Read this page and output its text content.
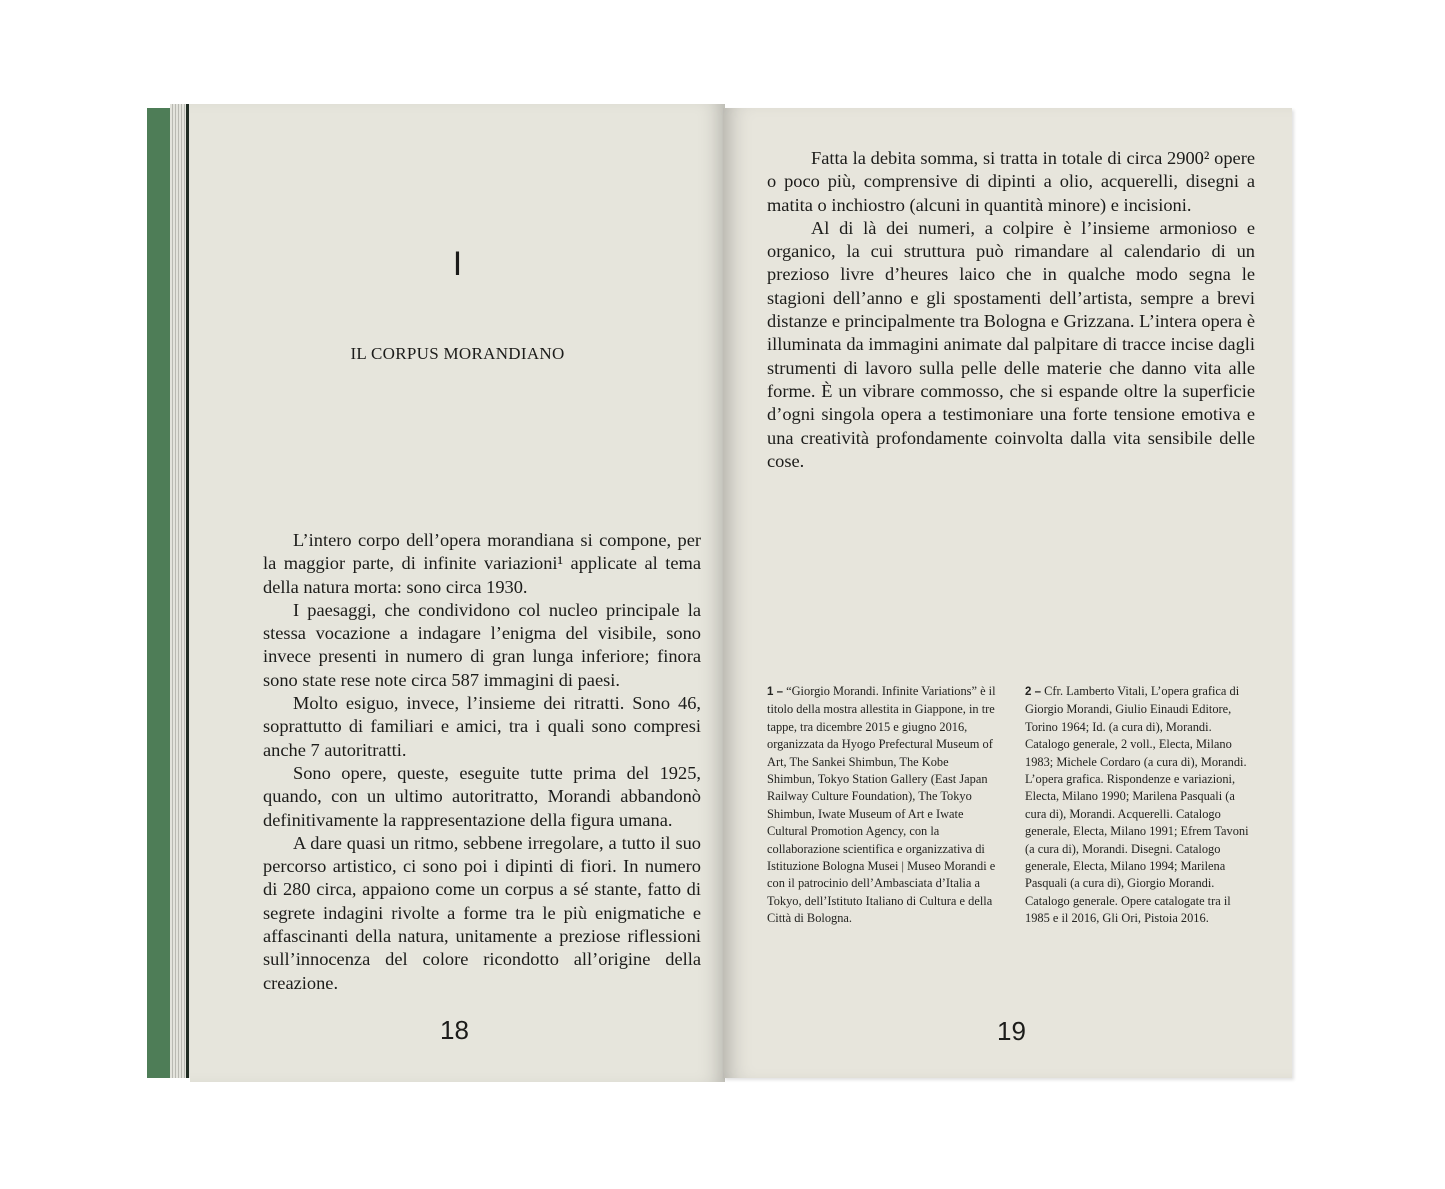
I
IL CORPUS MORANDIANO

L’intero corpo dell’opera morandiana si compone, per la maggior parte, di infinite variazioni¹ applicate al tema della natura morta: sono circa 1930.

I paesaggi, che condividono col nucleo principale la stessa vocazione a indagare l’enigma del visibile, sono invece presenti in numero di gran lunga inferiore; finora sono state rese note circa 587 immagini di paesi.

Molto esiguo, invece, l’insieme dei ritratti. Sono 46, soprattutto di familiari e amici, tra i quali sono compresi anche 7 autoritratti.

Sono opere, queste, eseguite tutte prima del 1925, quando, con un ultimo autoritratto, Morandi abbandonò definitivamente la rappresentazione della figura umana.

A dare quasi un ritmo, sebbene irregolare, a tutto il suo percorso artistico, ci sono poi i dipinti di fiori. In numero di 280 circa, appaiono come un corpus a sé stante, fatto di segrete indagini rivolte a forme tra le più enigmatiche e affascinanti della natura, unitamente a preziose riflessioni sull’innocenza del colore ricondotto all’origine della creazione.

18

Fatta la debita somma, si tratta in totale di circa 2900² opere o poco più, comprensive di dipinti a olio, acquerelli, disegni a matita o inchiostro (alcuni in quantità minore) e incisioni.

Al di là dei numeri, a colpire è l’insieme armonioso e organico, la cui struttura può rimandare al calendario di un prezioso livre d’heures laico che in qualche modo segna le stagioni dell’anno e gli spostamenti dell’artista, sempre a brevi distanze e principalmente tra Bologna e Grizzana. L’intera opera è illuminata da immagini animate dal palpitare di tracce incise dagli strumenti di lavoro sulla pelle delle materie che danno vita alle forme. È un vibrare commosso, che si espande oltre la superficie d’ogni singola opera a testimoniare una forte tensione emotiva e una creatività profondamente coinvolta dalla vita sensibile delle cose.

1 – “Giorgio Morandi. Infinite Variations” è il titolo della mostra allestita in Giappone, in tre tappe, tra dicembre 2015 e giugno 2016, organizzata da Hyogo Prefectural Museum of Art, The Sankei Shimbun, The Kobe Shimbun, Tokyo Station Gallery (East Japan Railway Culture Foundation), The Tokyo Shimbun, Iwate Museum of Art e Iwate Cultural Promotion Agency, con la collaborazione scientifica e organizzativa di Istituzione Bologna Musei | Museo Morandi e con il patrocinio dell’Ambasciata d’Italia a Tokyo, dell’Istituto Italiano di Cultura e della Città di Bologna.
2 – Cfr. Lamberto Vitali, L’opera grafica di Giorgio Morandi, Giulio Einaudi Editore, Torino 1964; Id. (a cura di), Morandi. Catalogo generale, 2 voll., Electa, Milano 1983; Michele Cordaro (a cura di), Morandi. L’opera grafica. Rispondenze e variazioni, Electa, Milano 1990; Marilena Pasquali (a cura di), Morandi. Acquerelli. Catalogo generale, Electa, Milano 1991; Efrem Tavoni (a cura di), Morandi. Disegni. Catalogo generale, Electa, Milano 1994; Marilena Pasquali (a cura di), Giorgio Morandi. Catalogo generale. Opere catalogate tra il 1985 e il 2016, Gli Ori, Pistoia 2016.
19
